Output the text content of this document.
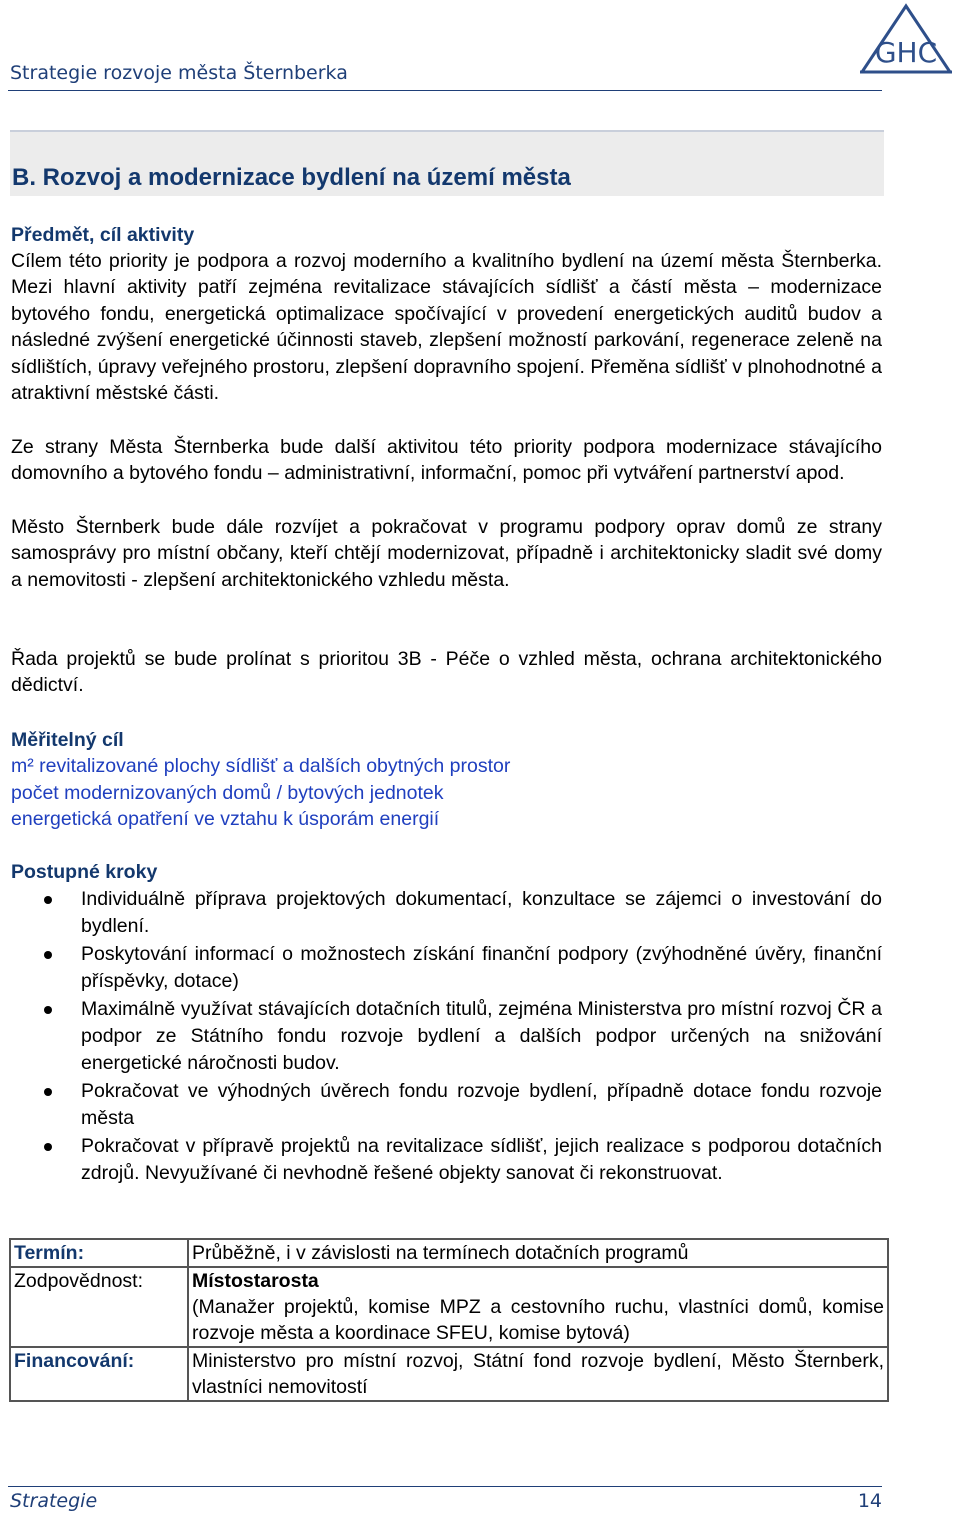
Strategie rozvoje města Šternberka
GHC
B. Rozvoj a modernizace bydlení na území města
Předmět, cíl aktivity
Cílem této priority je podpora a rozvoj moderního a kvalitního bydlení na území města Šternberka. Mezi hlavní aktivity patří zejména revitalizace stávajících sídlišť a částí města – modernizace bytového fondu, energetická optimalizace spočívající v provedení energetických auditů budov a následné zvýšení energetické účinnosti staveb, zlepšení možností parkování, regenerace zeleně na sídlištích, úpravy veřejného prostoru, zlepšení dopravního spojení. Přeměna sídlišť v plnohodnotné a atraktivní městské části.
Ze strany Města Šternberka bude další aktivitou této priority podpora modernizace stávajícího domovního a bytového fondu – administrativní, informační, pomoc při vytváření partnerství apod.
Město Šternberk bude dále rozvíjet a pokračovat v programu podpory oprav domů ze strany samosprávy pro místní občany, kteří chtějí modernizovat, případně i architektonicky sladit své domy a nemovitosti - zlepšení architektonického vzhledu města.
Řada projektů se bude prolínat s prioritou 3B - Péče o vzhled města, ochrana architektonického dědictví.
Měřitelný cíl
m² revitalizované plochy sídlišť a dalších obytných prostor
počet modernizovaných domů / bytových jednotek
energetická opatření ve vztahu k úsporám energií
Postupné kroky
Individuálně příprava projektových dokumentací, konzultace se zájemci o investování do bydlení.
Poskytování informací o možnostech získání finanční podpory (zvýhodněné úvěry, finanční příspěvky, dotace)
Maximálně využívat stávajících dotačních titulů, zejména Ministerstva pro místní rozvoj ČR a podpor ze Státního fondu rozvoje bydlení a dalších podpor určených na snižování energetické náročnosti budov.
Pokračovat ve výhodných úvěrech fondu rozvoje bydlení, případně dotace fondu rozvoje města
Pokračovat v přípravě projektů na revitalizace sídlišť, jejich realizace s podporou dotačních zdrojů. Nevyužívané či nevhodně řešené objekty sanovat či rekonstruovat.
Termín:	Průběžně, i v závislosti na termínech dotačních programů
Zodpovědnost:	Místostarosta
(Manažer projektů, komise MPZ a cestovního ruchu, vlastníci domů, komise rozvoje města a koordinace SFEU, komise bytová)

Financování:	Ministerstvo pro místní rozvoj, Státní fond rozvoje bydlení, Město Šternberk, vlastníci nemovitostí
Strategie	14
